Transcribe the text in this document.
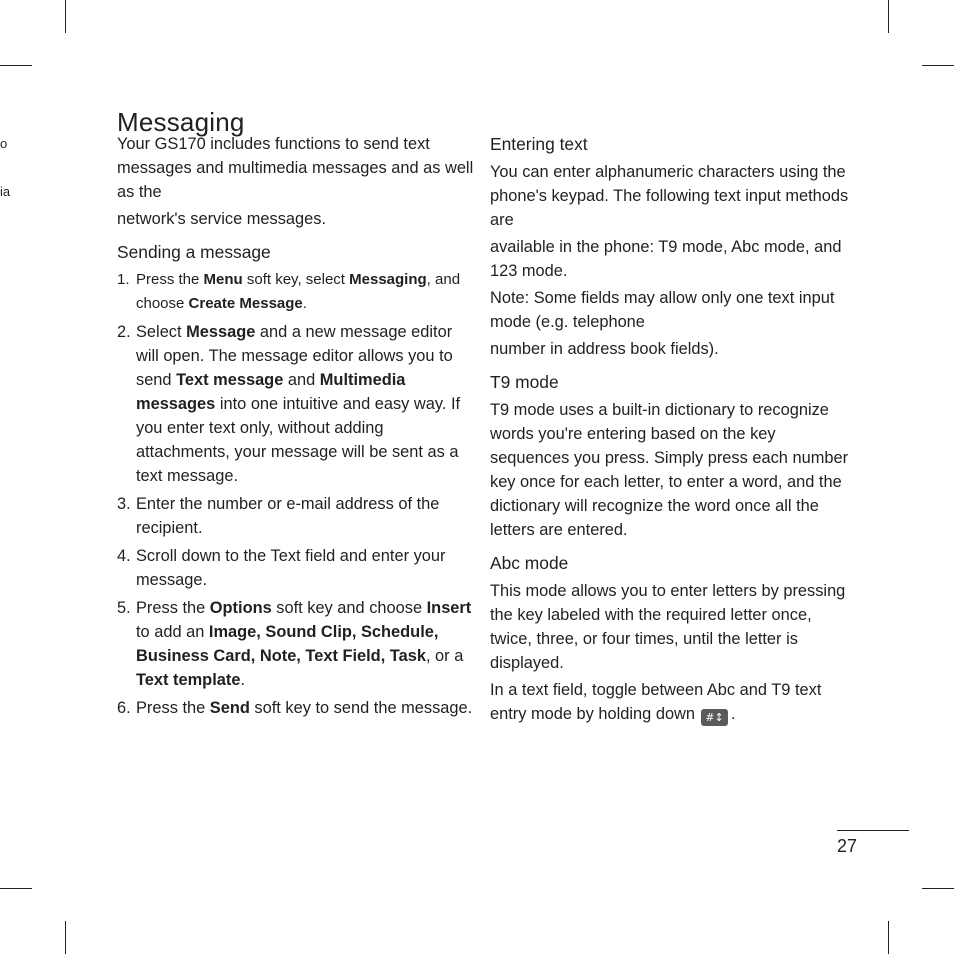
o
ia
Messaging

Your GS170 includes functions to send text messages and multimedia messages and as well as the

network's service messages.

Sending a message
1. Press the Menu soft key, select Messaging, and choose Create Message.
2. Select Message and a new message editor will open. The message editor allows you to send Text message and Multimedia messages into one intuitive and easy way. If you enter text only, without adding attachments, your message will be sent as a text message.
3. Enter the number or e-mail address of the recipient.
4. Scroll down to the Text field and enter your message.
5. Press the Options soft key and choose Insert to add an Image, Sound Clip, Schedule, Business Card, Note, Text Field, Task, or a Text template.
6. Press the Send soft key to send the message.
Entering text

You can enter alphanumeric characters using the phone's keypad. The following text input methods are

available in the phone: T9 mode, Abc mode, and 123 mode.

Note: Some fields may allow only one text input mode (e.g. telephone

number in address book fields).

T9 mode

T9 mode uses a built-in dictionary to recognize words you're entering based on the key sequences you press. Simply press each number key once for each letter, to enter a word, and the dictionary will recognize the word once all the letters are entered.

Abc mode

This mode allows you to enter letters by pressing the key labeled with the required letter once, twice, three, or four times, until the letter is displayed.

In a text field, toggle between Abc and T9 text entry mode by holding down #↕ .

27
